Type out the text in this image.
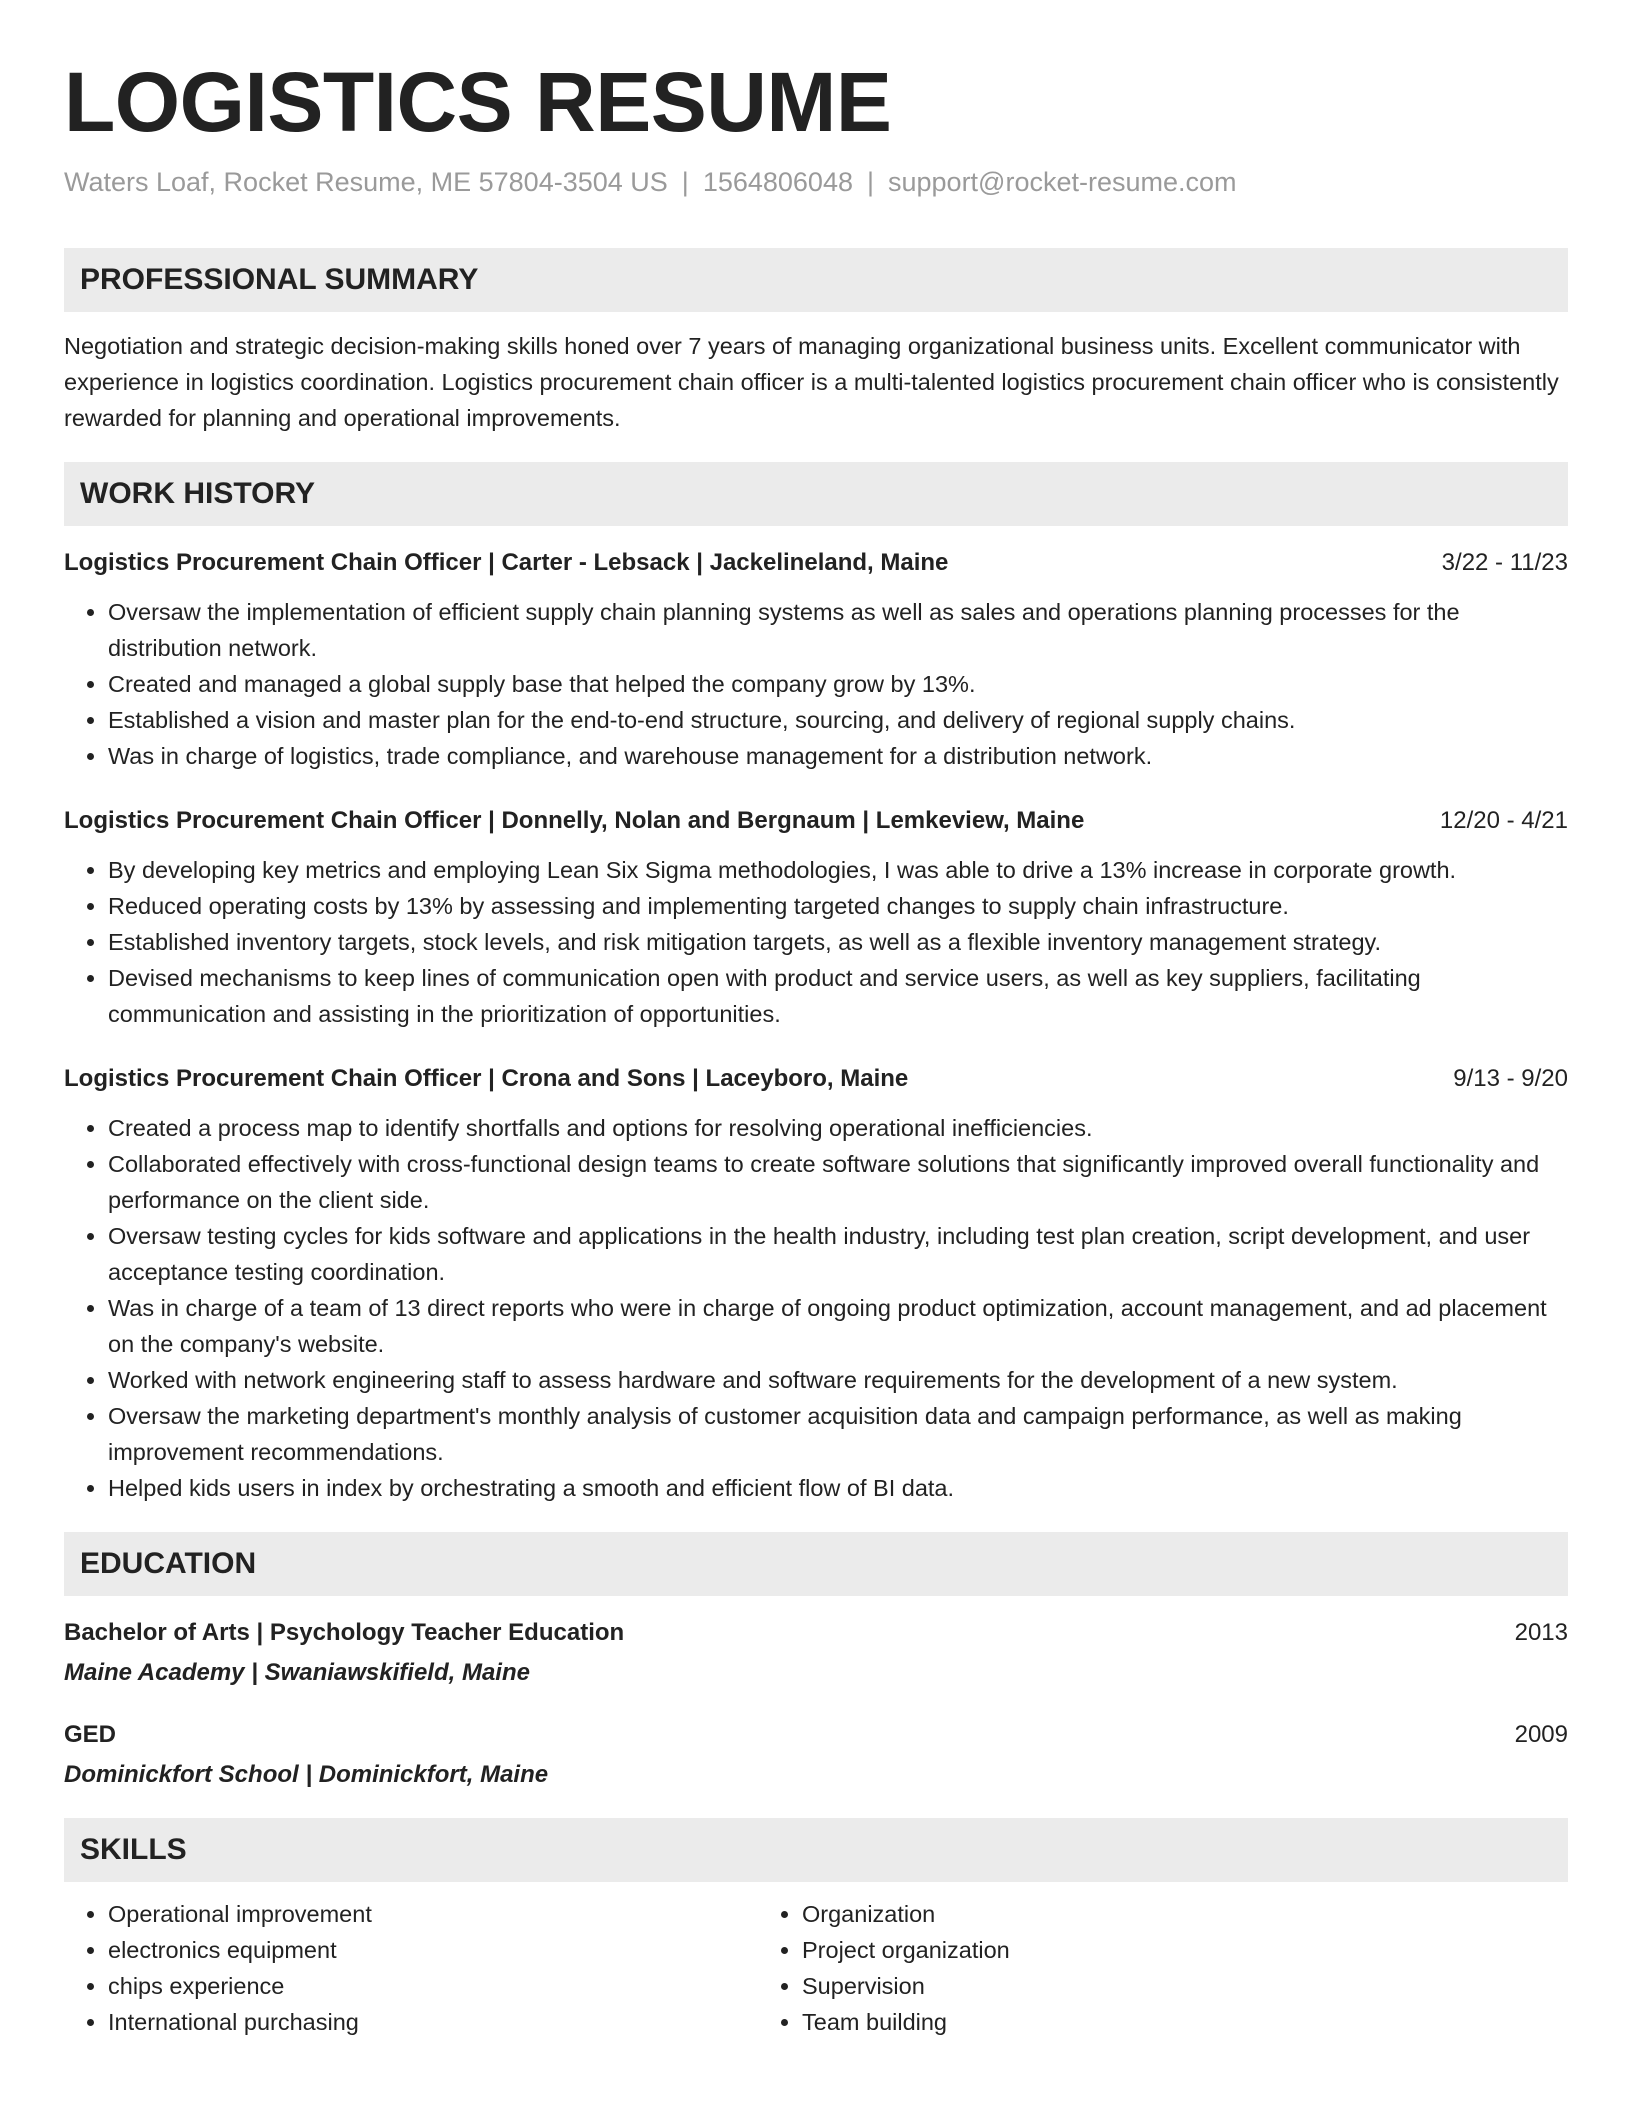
LOGISTICS RESUME
Waters Loaf, Rocket Resume, ME 57804-3504 US | 1564806048 | support@rocket-resume.com
PROFESSIONAL SUMMARY
Negotiation and strategic decision-making skills honed over 7 years of managing organizational business units. Excellent communicator with experience in logistics coordination. Logistics procurement chain officer is a multi-talented logistics procurement chain officer who is consistently rewarded for planning and operational improvements.
WORK HISTORY
Logistics Procurement Chain Officer | Carter - Lebsack | Jackelineland, Maine	3/22 - 11/23
• Oversaw the implementation of efficient supply chain planning systems as well as sales and operations planning processes for the distribution network.
• Created and managed a global supply base that helped the company grow by 13%.
• Established a vision and master plan for the end-to-end structure, sourcing, and delivery of regional supply chains.
• Was in charge of logistics, trade compliance, and warehouse management for a distribution network.
Logistics Procurement Chain Officer | Donnelly, Nolan and Bergnaum | Lemkeview, Maine	12/20 - 4/21
• By developing key metrics and employing Lean Six Sigma methodologies, I was able to drive a 13% increase in corporate growth.
• Reduced operating costs by 13% by assessing and implementing targeted changes to supply chain infrastructure.
• Established inventory targets, stock levels, and risk mitigation targets, as well as a flexible inventory management strategy.
• Devised mechanisms to keep lines of communication open with product and service users, as well as key suppliers, facilitating communication and assisting in the prioritization of opportunities.
Logistics Procurement Chain Officer | Crona and Sons | Laceyboro, Maine	9/13 - 9/20
• Created a process map to identify shortfalls and options for resolving operational inefficiencies.
• Collaborated effectively with cross-functional design teams to create software solutions that significantly improved overall functionality and performance on the client side.
• Oversaw testing cycles for kids software and applications in the health industry, including test plan creation, script development, and user acceptance testing coordination.
• Was in charge of a team of 13 direct reports who were in charge of ongoing product optimization, account management, and ad placement on the company's website.
• Worked with network engineering staff to assess hardware and software requirements for the development of a new system.
• Oversaw the marketing department's monthly analysis of customer acquisition data and campaign performance, as well as making improvement recommendations.
• Helped kids users in index by orchestrating a smooth and efficient flow of BI data.
EDUCATION
Bachelor of Arts | Psychology Teacher Education	2013
Maine Academy | Swaniawskifield, Maine
GED	2009
Dominickfort School | Dominickfort, Maine
SKILLS
• Operational improvement
• electronics equipment
• chips experience
• International purchasing
• Organization
• Project organization
• Supervision
• Team building
